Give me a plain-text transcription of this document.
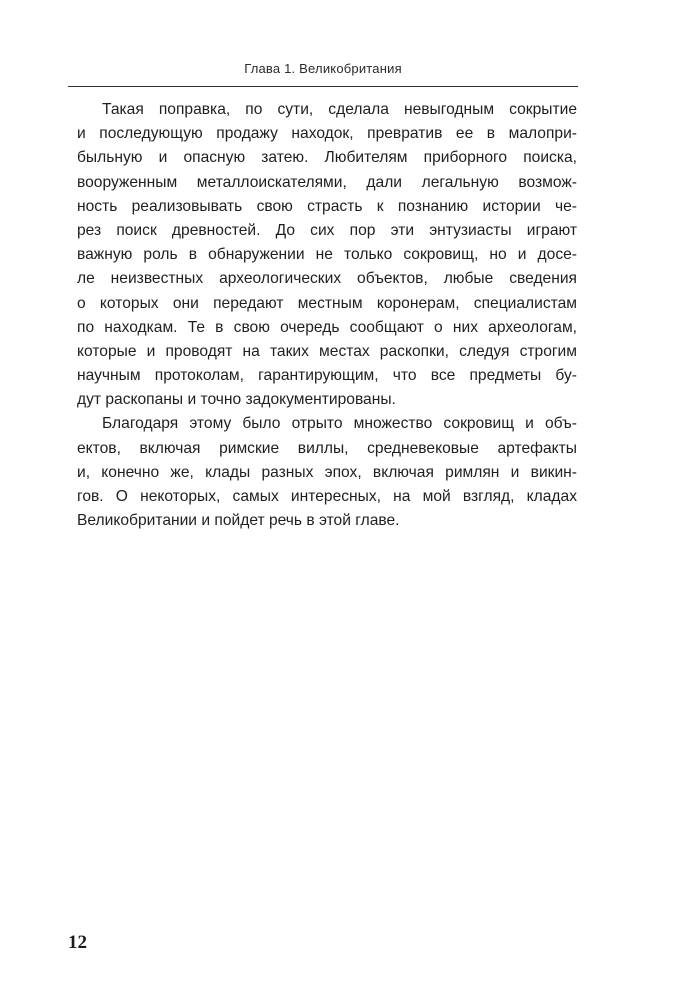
Глава 1. Великобритания
Такая поправка, по сути, сделала невыгодным сокрытие
и последующую продажу находок, превратив ее в малопри-
быльную и опасную затею. Любителям приборного поиска,
вооруженным металлоискателями, дали легальную возмож-
ность реализовывать свою страсть к познанию истории че-
рез поиск древностей. До сих пор эти энтузиасты играют
важную роль в обнаружении не только сокровищ, но и досе-
ле неизвестных археологических объектов, любые сведения
о которых они передают местным коронерам, специалистам
по находкам. Те в свою очередь сообщают о них археологам,
которые и проводят на таких местах раскопки, следуя строгим
научным протоколам, гарантирующим, что все предметы бу-
дут раскопаны и точно задокументированы.
Благодаря этому было отрыто множество сокровищ и объ-
ектов, включая римские виллы, средневековые артефакты
и, конечно же, клады разных эпох, включая римлян и викин-
гов. О некоторых, самых интересных, на мой взгляд, кладах
Великобритании и пойдет речь в этой главе.
12
